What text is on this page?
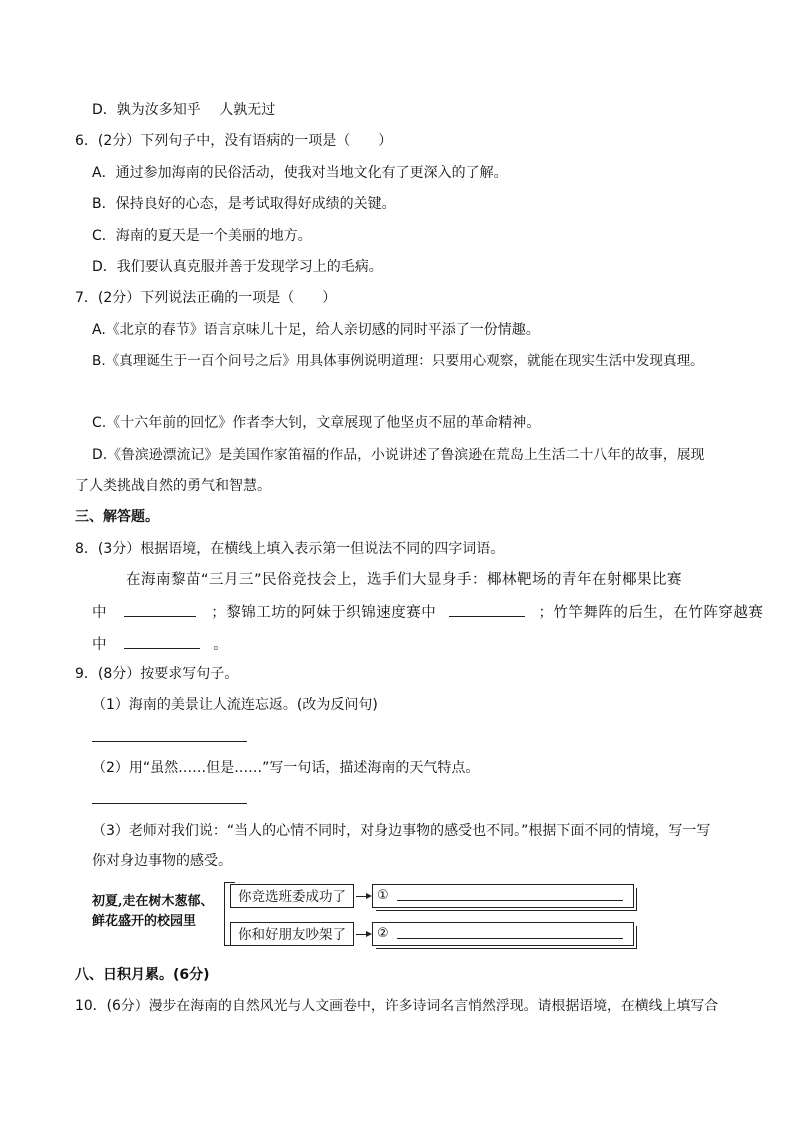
D．孰为汝多知乎　 人孰无过
6．(2分）下列句子中，没有语病的一项是（　　）
A．通过参加海南的民俗活动，使我对当地文化有了更深入的了解。
B．保持良好的心态，是考试取得好成绩的关键。
C．海南的夏天是一个美丽的地方。
D．我们要认真克服并善于发现学习上的毛病。
7．(2分）下列说法正确的一项是（　　）
A.《北京的春节》语言京味儿十足，给人亲切感的同时平添了一份情趣。
B.《真理诞生于一百个问号之后》用具体事例说明道理：只要用心观察，就能在现实生活中发现真理。
C.《十六年前的回忆》作者李大钊，文章展现了他坚贞不屈的革命精神。
D.《鲁滨逊漂流记》是美国作家笛福的作品，小说讲述了鲁滨逊在荒岛上生活二十八年的故事，展现
了人类挑战自然的勇气和智慧。
三、解答题。
8．(3分）根据语境，在横线上填入表示第一但说法不同的四字词语。
在海南黎苗“三月三”民俗竞技会上，选手们大显身手：椰林靶场的青年在射椰果比赛
中	；黎锦工坊的阿妹于织锦速度赛中	；竹竿舞阵的后生，在竹阵穿越赛
中	。
9．(8分）按要求写句子。
（1）海南的美景让人流连忘返。(改为反问句)
（2）用“虽然……但是……”写一句话，描述海南的天气特点。
（3）老师对我们说：“当人的心情不同时，对身边事物的感受也不同。”根据下面不同的情境，写一写
你对身边事物的感受。
初夏,走在树木葱郁、
鲜花盛开的校园里
你竞选班委成功了	①
你和好朋友吵架了	②
八、日积月累。(6分)
10．(6分）漫步在海南的自然风光与人文画卷中，许多诗词名言悄然浮现。请根据语境，在横线上填写合
